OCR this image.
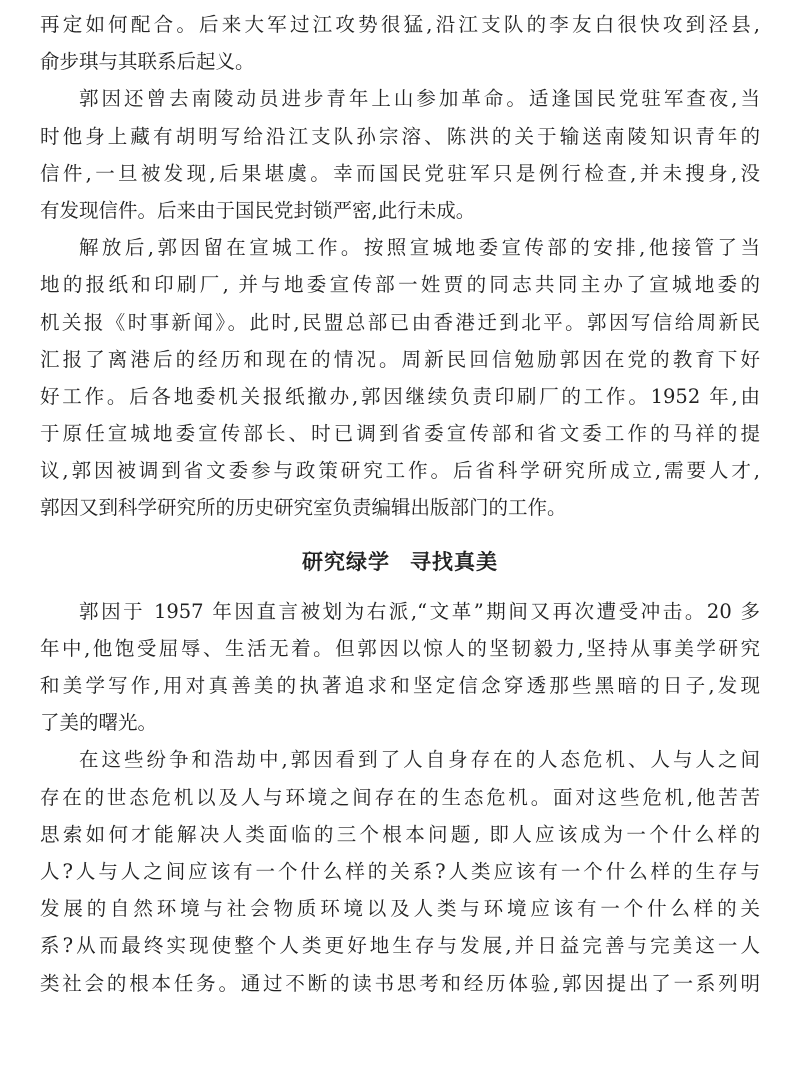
再定如何配合。后来大军过江攻势很猛,沿江支队的李友白很快攻到泾县,
俞步琪与其联系后起义。
郭因还曾去南陵动员进步青年上山参加革命。适逢国民党驻军查夜,当
时他身上藏有胡明写给沿江支队孙宗溶、陈洪的关于输送南陵知识青年的
信件,一旦被发现,后果堪虞。幸而国民党驻军只是例行检查,并未搜身,没
有发现信件。后来由于国民党封锁严密,此行未成。
解放后,郭因留在宣城工作。按照宣城地委宣传部的安排,他接管了当
地的报纸和印刷厂, 并与地委宣传部一姓贾的同志共同主办了宣城地委的
机关报《时事新闻》。此时,民盟总部已由香港迁到北平。郭因写信给周新民
汇报了离港后的经历和现在的情况。周新民回信勉励郭因在党的教育下好
好工作。后各地委机关报纸撤办,郭因继续负责印刷厂的工作。1952 年,由
于原任宣城地委宣传部长、时已调到省委宣传部和省文委工作的马祥的提
议,郭因被调到省文委参与政策研究工作。后省科学研究所成立,需要人才,
郭因又到科学研究所的历史研究室负责编辑出版部门的工作。
研究绿学 寻找真美
郭因于 1957 年因直言被划为右派,“文革”期间又再次遭受冲击。20 多
年中,他饱受屈辱、生活无着。但郭因以惊人的坚韧毅力,坚持从事美学研究
和美学写作,用对真善美的执著追求和坚定信念穿透那些黑暗的日子,发现
了美的曙光。
在这些纷争和浩劫中,郭因看到了人自身存在的人态危机、人与人之间
存在的世态危机以及人与环境之间存在的生态危机。面对这些危机,他苦苦
思索如何才能解决人类面临的三个根本问题, 即人应该成为一个什么样的
人?人与人之间应该有一个什么样的关系?人类应该有一个什么样的生存与
发展的自然环境与社会物质环境以及人类与环境应该有一个什么样的关
系?从而最终实现使整个人类更好地生存与发展,并日益完善与完美这一人
类社会的根本任务。通过不断的读书思考和经历体验,郭因提出了一系列明
